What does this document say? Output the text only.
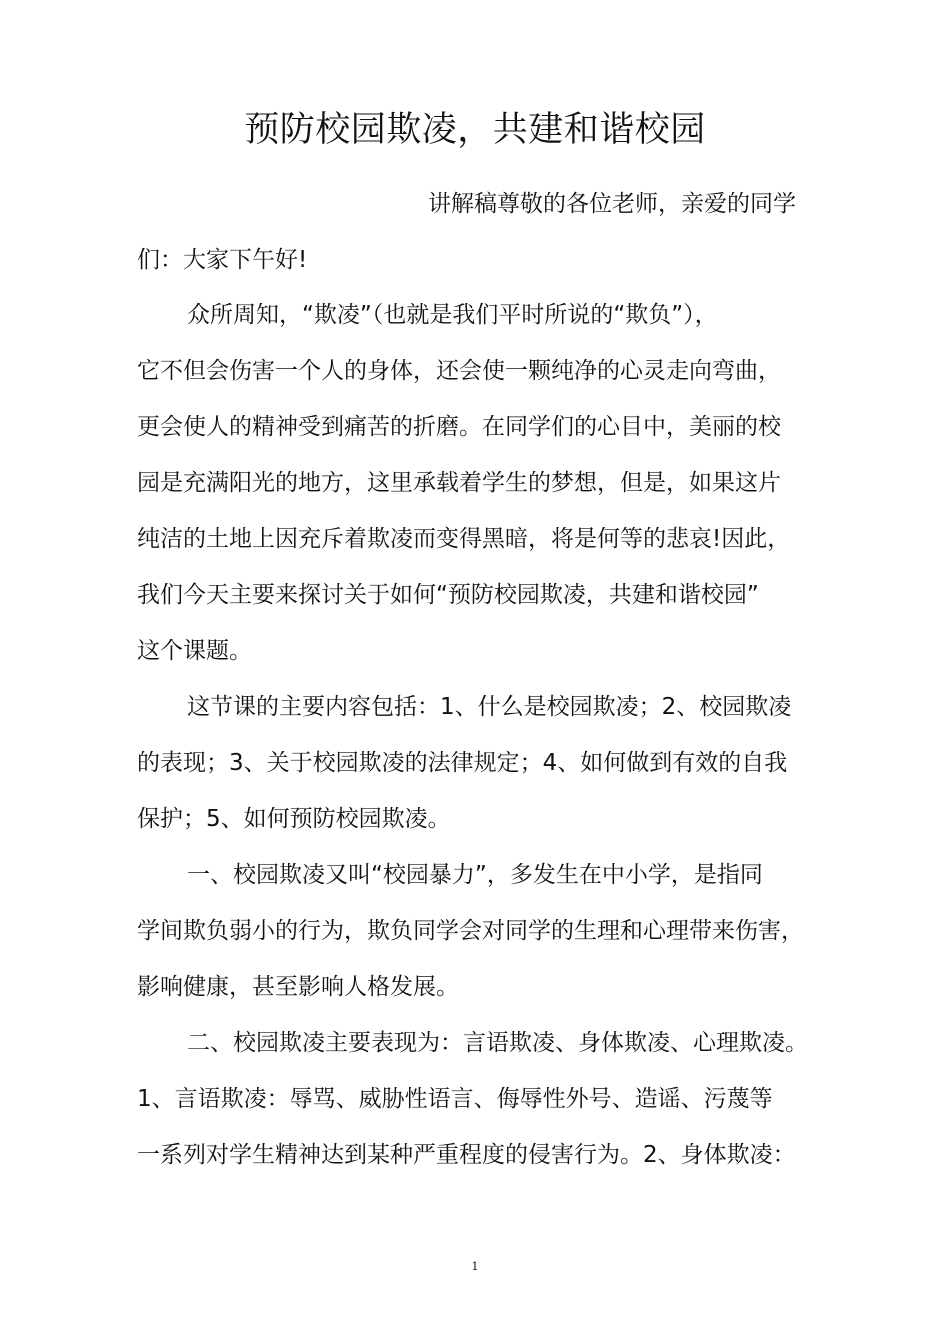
预防校园欺凌，共建和谐校园

讲解稿尊敬的各位老师，亲爱的同学

们：大家下午好!

众所周知，“欺凌”（也就是我们平时所说的“欺负”），

它不但会伤害一个人的身体，还会使一颗纯净的心灵走向弯曲，

更会使人的精神受到痛苦的折磨。在同学们的心目中，美丽的校

园是充满阳光的地方，这里承载着学生的梦想，但是，如果这片

纯洁的土地上因充斥着欺凌而变得黑暗，将是何等的悲哀!因此，

我们今天主要来探讨关于如何“预防校园欺凌，共建和谐校园”

这个课题。

这节课的主要内容包括：1、什么是校园欺凌；2、校园欺凌

的表现；3、关于校园欺凌的法律规定；4、如何做到有效的自我

保护；5、如何预防校园欺凌。

一、校园欺凌又叫“校园暴力”，多发生在中小学，是指同

学间欺负弱小的行为，欺负同学会对同学的生理和心理带来伤害，

影响健康，甚至影响人格发展。

二、校园欺凌主要表现为：言语欺凌、身体欺凌、心理欺凌。

1、言语欺凌：辱骂、威胁性语言、侮辱性外号、造谣、污蔑等

一系列对学生精神达到某种严重程度的侵害行为。2、身体欺凌：

1
